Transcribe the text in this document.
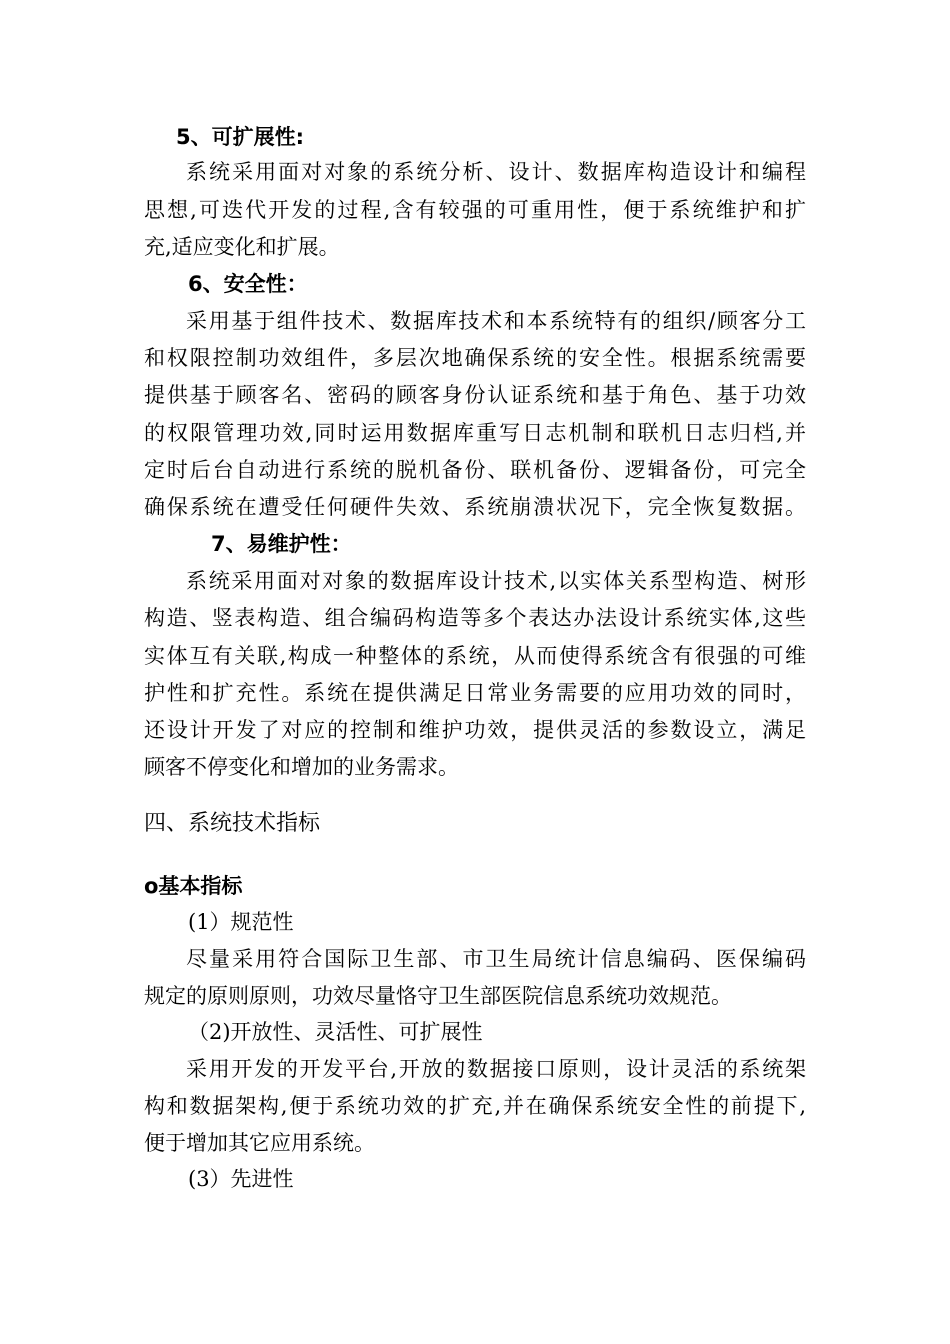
5、可扩展性:
系统采用面对对象的系统分析、设计、数据库构造设计和编程
思想,可迭代开发的过程,含有较强的可重用性，便于系统维护和扩
充,适应变化和扩展。
6、安全性：
采用基于组件技术、数据库技术和本系统特有的组织/顾客分工
和权限控制功效组件，多层次地确保系统的安全性。根据系统需要
提供基于顾客名、密码的顾客身份认证系统和基于角色、基于功效
的权限管理功效,同时运用数据库重写日志机制和联机日志归档,并
定时后台自动进行系统的脱机备份、联机备份、逻辑备份，可完全
确保系统在遭受任何硬件失效、系统崩溃状况下，完全恢复数据。
7、易维护性：
系统采用面对对象的数据库设计技术,以实体关系型构造、树形
构造、竖表构造、组合编码构造等多个表达办法设计系统实体,这些
实体互有关联,构成一种整体的系统，从而使得系统含有很强的可维
护性和扩充性。系统在提供满足日常业务需要的应用功效的同时，
还设计开发了对应的控制和维护功效，提供灵活的参数设立，满足
顾客不停变化和增加的业务需求。
四、系统技术指标
ο基本指标
(1）规范性
尽量采用符合国际卫生部、市卫生局统计信息编码、医保编码
规定的原则原则，功效尽量恪守卫生部医院信息系统功效规范。
（2)开放性、灵活性、可扩展性
采用开发的开发平台,开放的数据接口原则，设计灵活的系统架
构和数据架构,便于系统功效的扩充,并在确保系统安全性的前提下,
便于增加其它应用系统。
(3）先进性
